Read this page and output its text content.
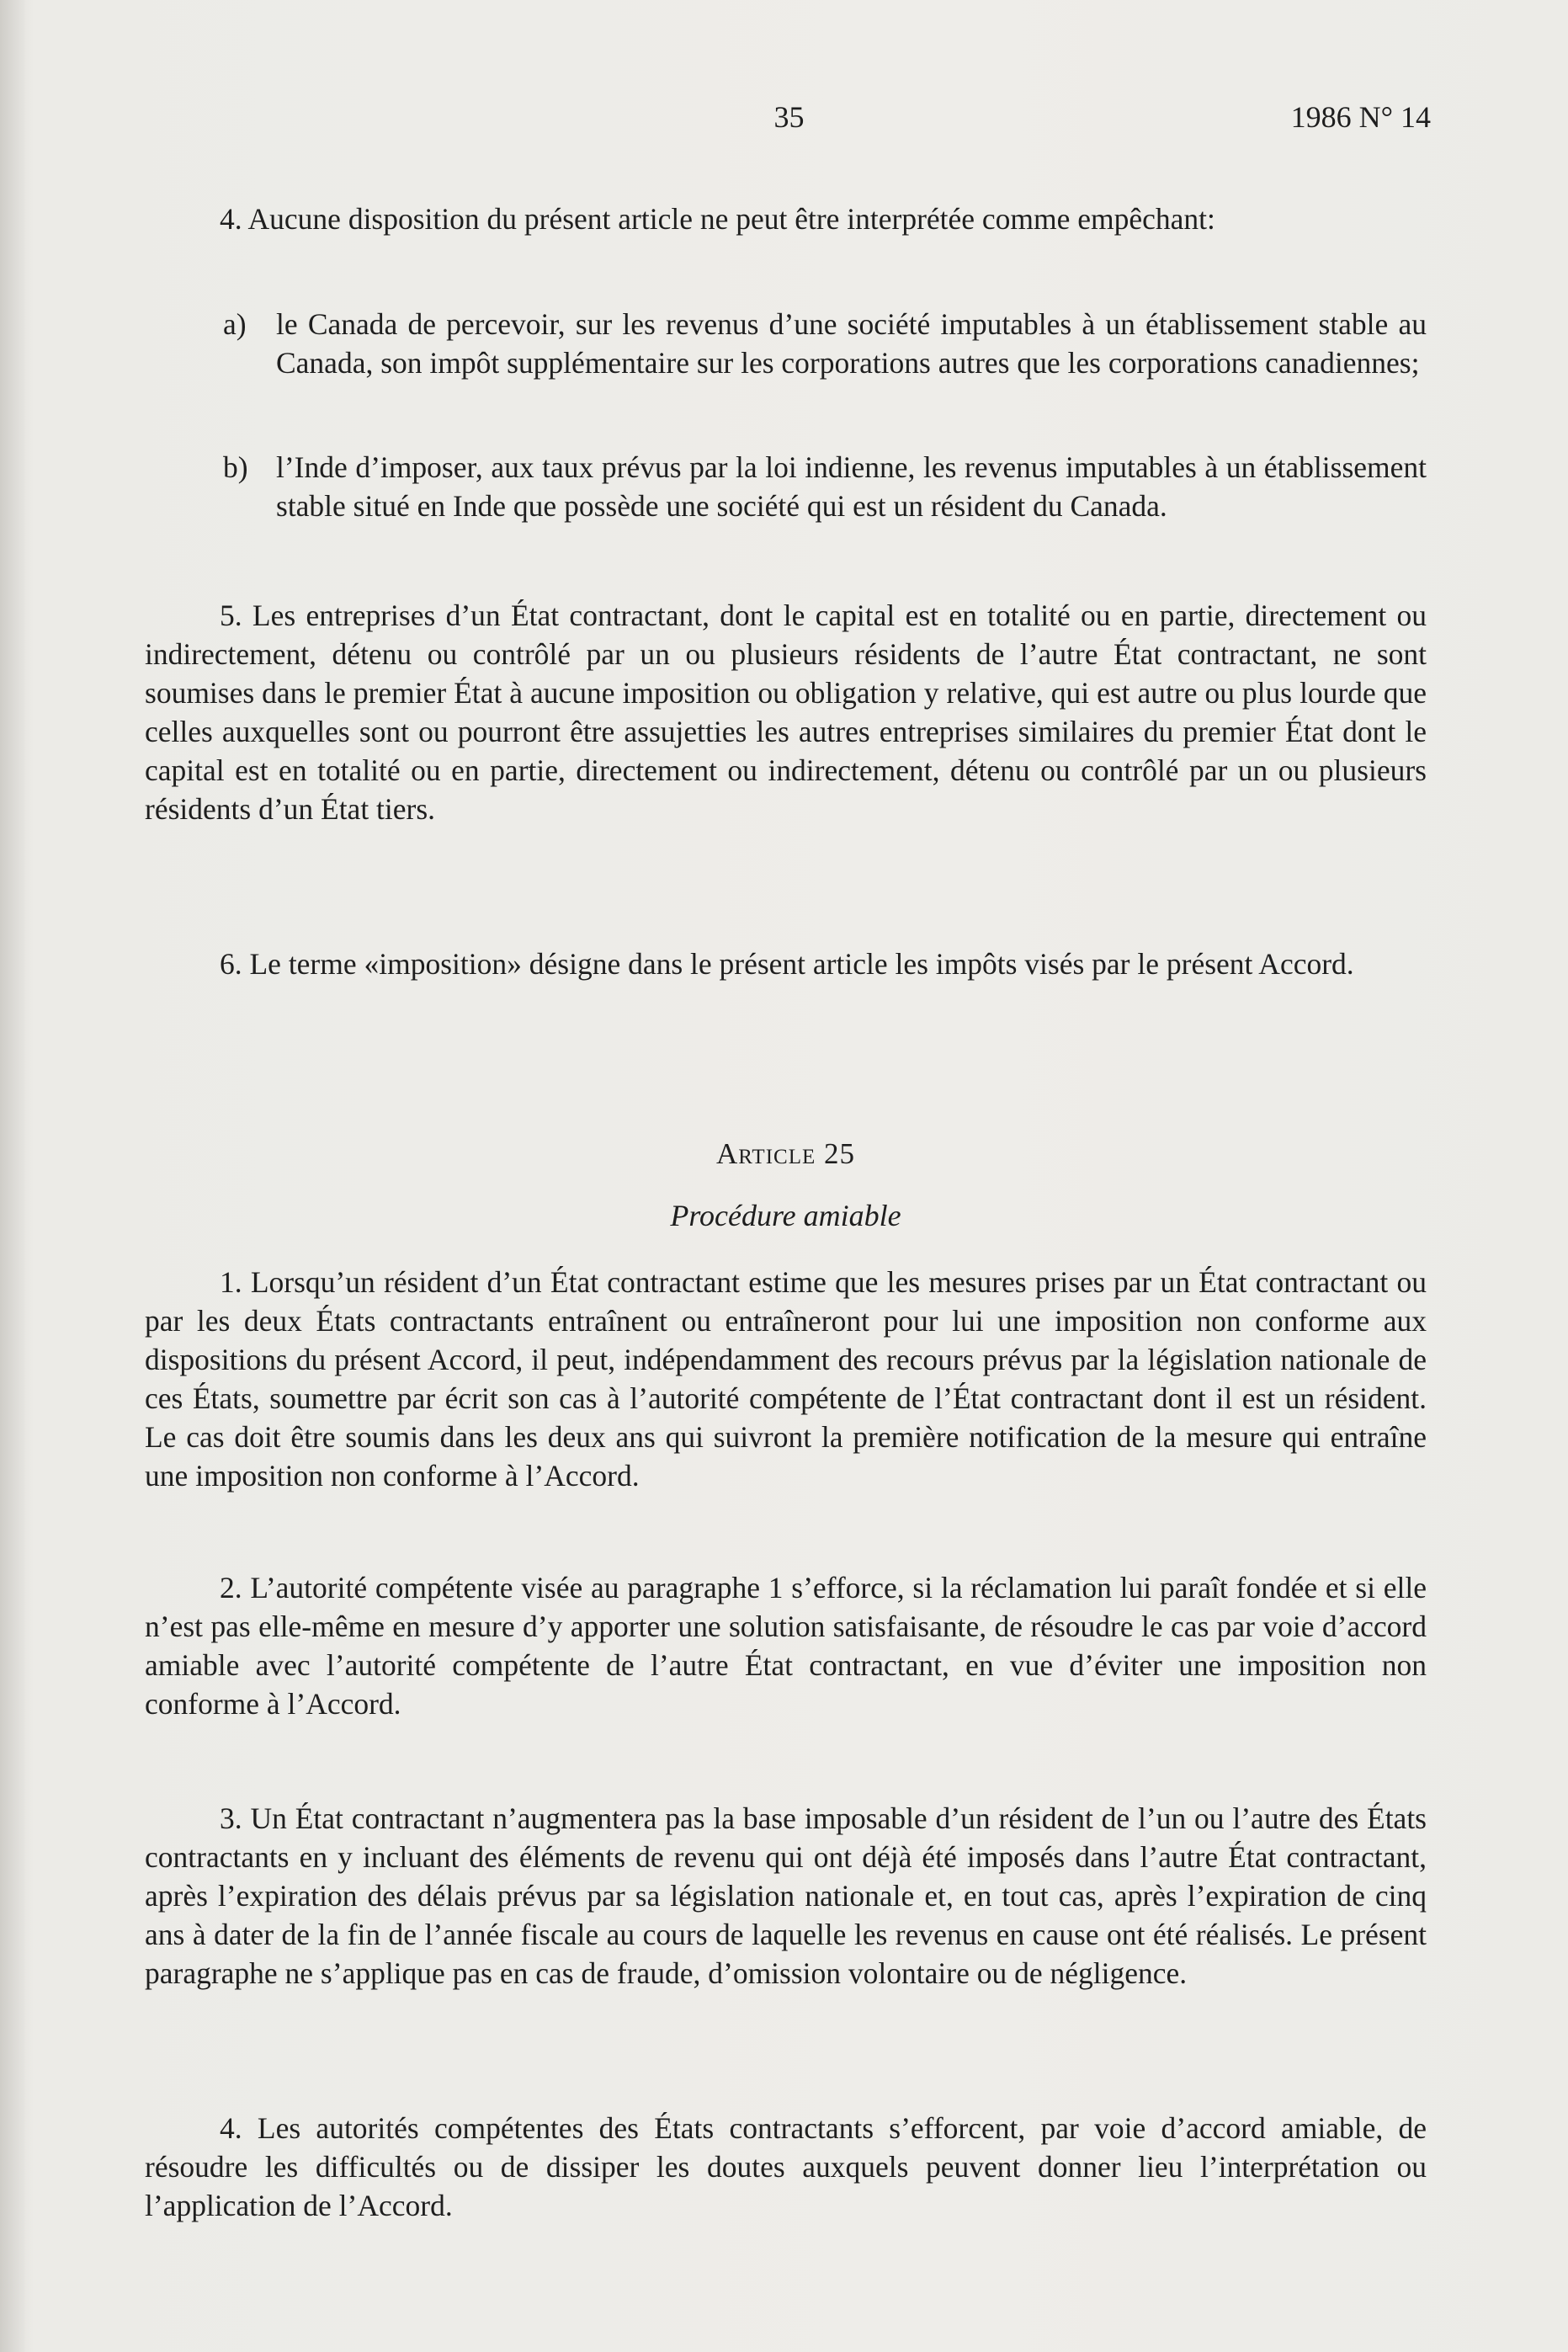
35	1986 N° 14

4. Aucune disposition du présent article ne peut être interprétée comme empêchant:

a) le Canada de percevoir, sur les revenus d’une société imputables à un établissement stable au Canada, son impôt supplémentaire sur les corporations autres que les corporations canadiennes;
b) l’Inde d’imposer, aux taux prévus par la loi indienne, les revenus imputables à un établissement stable situé en Inde que possède une société qui est un résident du Canada.

5. Les entreprises d’un État contractant, dont le capital est en totalité ou en partie, directement ou indirectement, détenu ou contrôlé par un ou plusieurs résidents de l’autre État contractant, ne sont soumises dans le premier État à aucune imposition ou obligation y relative, qui est autre ou plus lourde que celles auxquelles sont ou pourront être assujetties les autres entreprises similaires du premier État dont le capital est en totalité ou en partie, directement ou indirectement, détenu ou contrôlé par un ou plusieurs résidents d’un État tiers.

6. Le terme «imposition» désigne dans le présent article les impôts visés par le présent Accord.

Article 25
Procédure amiable

1. Lorsqu’un résident d’un État contractant estime que les mesures prises par un État contractant ou par les deux États contractants entraînent ou entraîneront pour lui une imposition non conforme aux dispositions du présent Accord, il peut, indépendamment des recours prévus par la législation nationale de ces États, soumettre par écrit son cas à l’autorité compétente de l’État contractant dont il est un résident. Le cas doit être soumis dans les deux ans qui suivront la première notification de la mesure qui entraîne une imposition non conforme à l’Accord.

2. L’autorité compétente visée au paragraphe 1 s’efforce, si la réclamation lui paraît fondée et si elle n’est pas elle-même en mesure d’y apporter une solution satisfaisante, de résoudre le cas par voie d’accord amiable avec l’autorité compétente de l’autre État contractant, en vue d’éviter une imposition non conforme à l’Accord.

3. Un État contractant n’augmentera pas la base imposable d’un résident de l’un ou l’autre des États contractants en y incluant des éléments de revenu qui ont déjà été imposés dans l’autre État contractant, après l’expiration des délais prévus par sa législation nationale et, en tout cas, après l’expiration de cinq ans à dater de la fin de l’année fiscale au cours de laquelle les revenus en cause ont été réalisés. Le présent paragraphe ne s’applique pas en cas de fraude, d’omission volontaire ou de négligence.

4. Les autorités compétentes des États contractants s’efforcent, par voie d’accord amiable, de résoudre les difficultés ou de dissiper les doutes auxquels peuvent donner lieu l’interprétation ou l’application de l’Accord.
